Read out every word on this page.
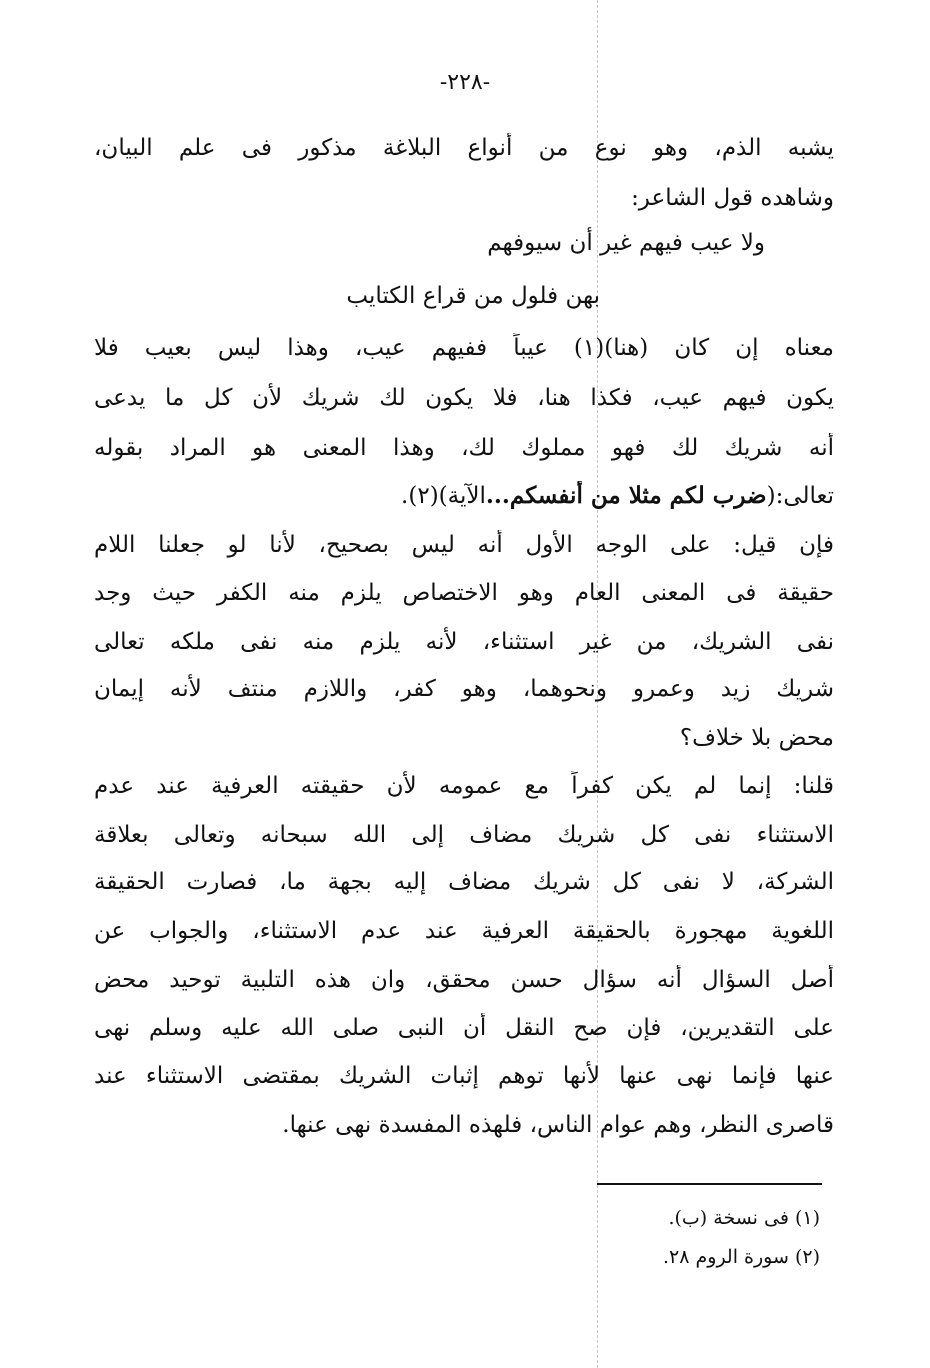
-٢٢٨-
يشبه الذم، وهو نوع من أنواع البلاغة مذكور فى علم البيان،
وشاهده قول الشاعر:
ولا عيب فيهم غير أن سيوفهم
بهن فلول من قراع الكتايب
معناه إن كان (هنا)(١) عيباً ففيهم عيب، وهذا ليس بعيب فلا
يكون فيهم عيب، فكذا هنا، فلا يكون لك شريك لأن كل ما يدعى
أنه شريك لك فهو مملوك لك، وهذا المعنى هو المراد بقوله
تعالى:(ضرب لكم مثلا من أنفسكم...الآية)(٢).
فإن قيل: على الوجه الأول أنه ليس بصحيح، لأنا لو جعلنا اللام
حقيقة فى المعنى العام وهو الاختصاص يلزم منه الكفر حيث وجد
نفى الشريك، من غير استثناء، لأنه يلزم منه نفى ملكه تعالى
شريك زيد وعمرو ونحوهما، وهو كفر، واللازم منتف لأنه إيمان
محض بلا خلاف؟
قلنا: إنما لم يكن كفراً مع عمومه لأن حقيقته العرفية عند عدم
الاستثناء نفى كل شريك مضاف إلى الله سبحانه وتعالى بعلاقة
الشركة، لا نفى كل شريك مضاف إليه بجهة ما، فصارت الحقيقة
اللغوية مهجورة بالحقيقة العرفية عند عدم الاستثناء، والجواب عن
أصل السؤال أنه سؤال حسن محقق، وان هذه التلبية توحيد محض
على التقديرين، فإن صح النقل أن النبى صلى الله عليه وسلم نهى
عنها فإنما نهى عنها لأنها توهم إثبات الشريك بمقتضى الاستثناء عند
قاصرى النظر، وهم عوام الناس، فلهذه المفسدة نهى عنها.
(١) فى نسخة (ب).
(٢) سورة الروم ٢٨.
